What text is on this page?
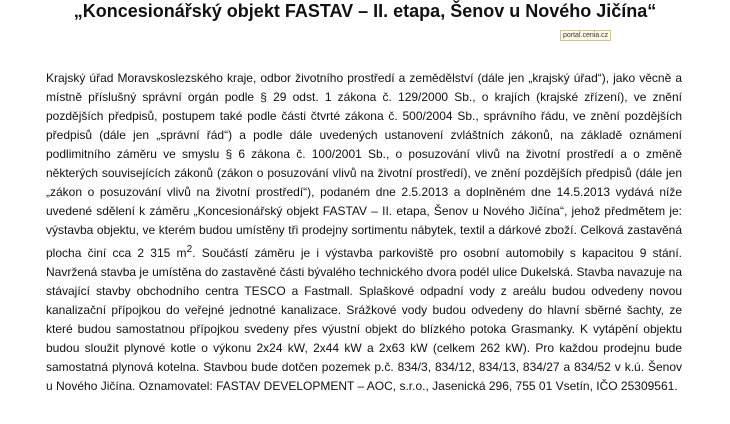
„Koncesionářský objekt FASTAV – II. etapa, Šenov u Nového Jičína“
portal.cenia.cz

Krajský úřad Moravskoslezského kraje, odbor životního prostředí a zemědělství (dále jen „krajský úřad“), jako věcně a místně příslušný správní orgán podle § 29 odst. 1 zákona č. 129/2000 Sb., o krajích (krajské zřízení), ve znění pozdějších předpisů, postupem také podle části čtvrté zákona č. 500/2004 Sb., správního řádu, ve znění pozdějších předpisů (dále jen „správní řád“) a podle dále uvedených ustanovení zvláštních zákonů, na základě oznámení podlimitního záměru ve smyslu § 6 zákona č. 100/2001 Sb., o posuzování vlivů na životní prostředí a o změně některých souvisejících zákonů (zákon o posuzování vlivů na životní prostředí), ve znění pozdějších předpisů (dále jen „zákon o posuzování vlivů na životní prostředí“), podaném dne 2.5.2013 a doplněném dne 14.5.2013 vydává níže uvedené sdělení k záměru „Koncesionářský objekt FASTAV – II. etapa, Šenov u Nového Jičína“, jehož předmětem je: výstavba objektu, ve kterém budou umístěny tři prodejny sortimentu nábytek, textil a dárkové zboží. Celková zastavěná plocha činí cca 2 315 $m^2$. Součástí záměru je i výstavba parkoviště pro osobní automobily s kapacitou 9 stání. Navržená stavba je umístěna do zastavěné části bývalého technického dvora podél ulice Dukelská. Stavba navazuje na stávající stavby obchodního centra TESCO a Fastmall. Splaškové odpadní vody z areálu budou odvedeny novou kanalizační přípojkou do veřejné jednotné kanalizace. Srážkové vody budou odvedeny do hlavní sběrné šachty, ze které budou samostatnou přípojkou svedeny přes výustní objekt do blízkého potoka Grasmanky. K vytápění objektu budou sloužit plynové kotle o výkonu 2x24 kW, 2x44 kW a 2x63 kW (celkem 262 kW). Pro každou prodejnu bude samostatná plynová kotelna. Stavbou bude dotčen pozemek p.č. 834/3, 834/12, 834/13, 834/27 a 834/52 v k.ú. Šenov u Nového Jičína. Oznamovatel: FASTAV DEVELOPMENT – AOC, s.r.o., Jasenická 296, 755 01 Vsetín, IČO 25309561.
